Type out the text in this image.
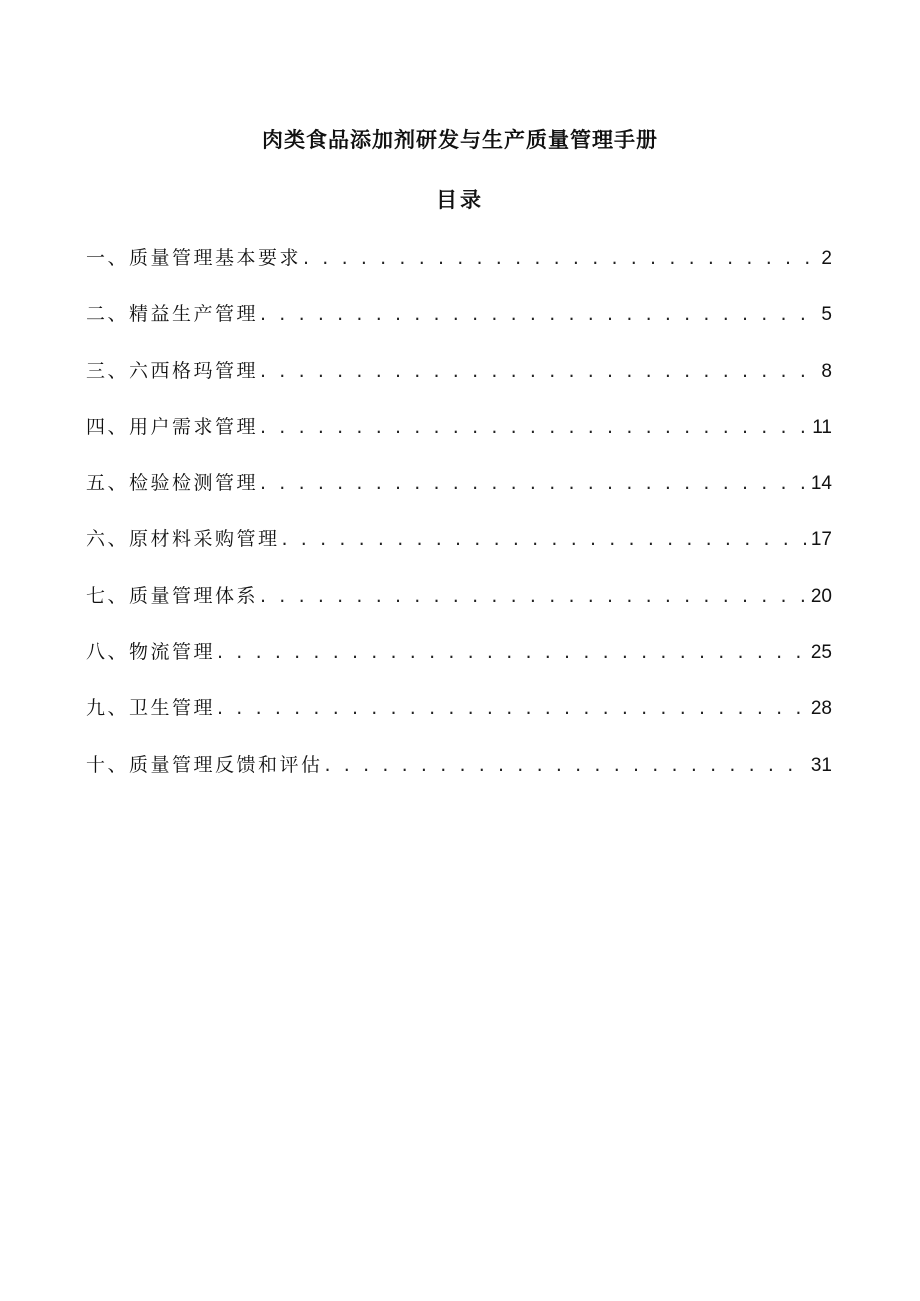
肉类食品添加剂研发与生产质量管理手册
目录
一、质量管理基本要求 . . .	2
二、精益生产管理 . . .	5
三、六西格玛管理 . . .	8
四、用户需求管理 . . .	11
五、检验检测管理 . . .	14
六、原材料采购管理 . . .	17
七、质量管理体系 . . .	20
八、物流管理 . . .	25
九、卫生管理 . . .	28
十、质量管理反馈和评估 . . .	31
